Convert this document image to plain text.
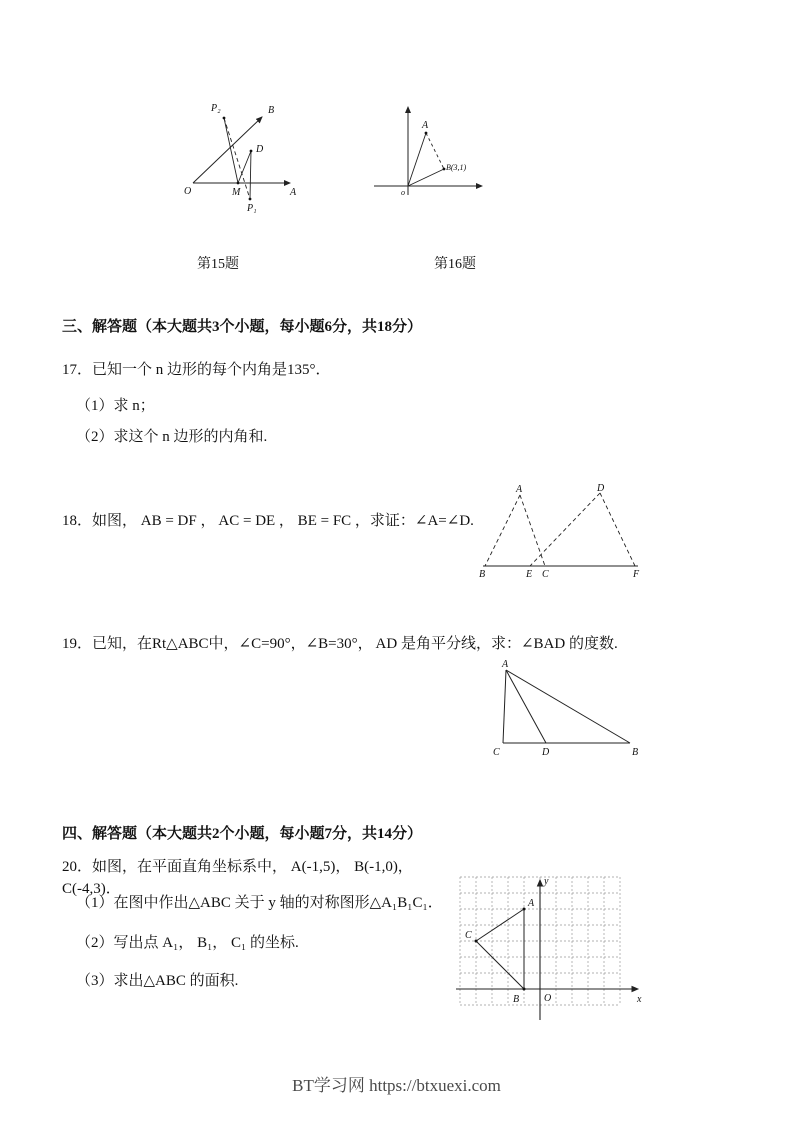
P₂	B
O	M	A
D
P₁
A
B(3,1)
o
第15题	第16题
三、解答题（本大题共3个小题，每小题6分，共18分）
17．已知一个 n 边形的每个内角是135°．
（1）求 n；
（2）求这个 n 边形的内角和.
18．如图， AB = DF ， AC = DE ， BE = FC ，求证：∠A=∠D.
A	D
B	E C	F
19．已知，在Rt△ABC中，∠C=90°，∠B=30°， AD 是角平分线，求：∠BAD 的度数.
A
C	D	B
四、解答题（本大题共2个小题，每小题7分，共14分）
20．如图，在平面直角坐标系中， A(-1,5)， B(-1,0)， C(-4,3)．
（1）在图中作出△ABC 关于 y 轴的对称图形△A₁B₁C₁．
（2）写出点 A₁， B₁， C₁ 的坐标.
（3）求出△ABC 的面积.
y
x
O
A
B
C
BT学习网 https://btxuexi.com
